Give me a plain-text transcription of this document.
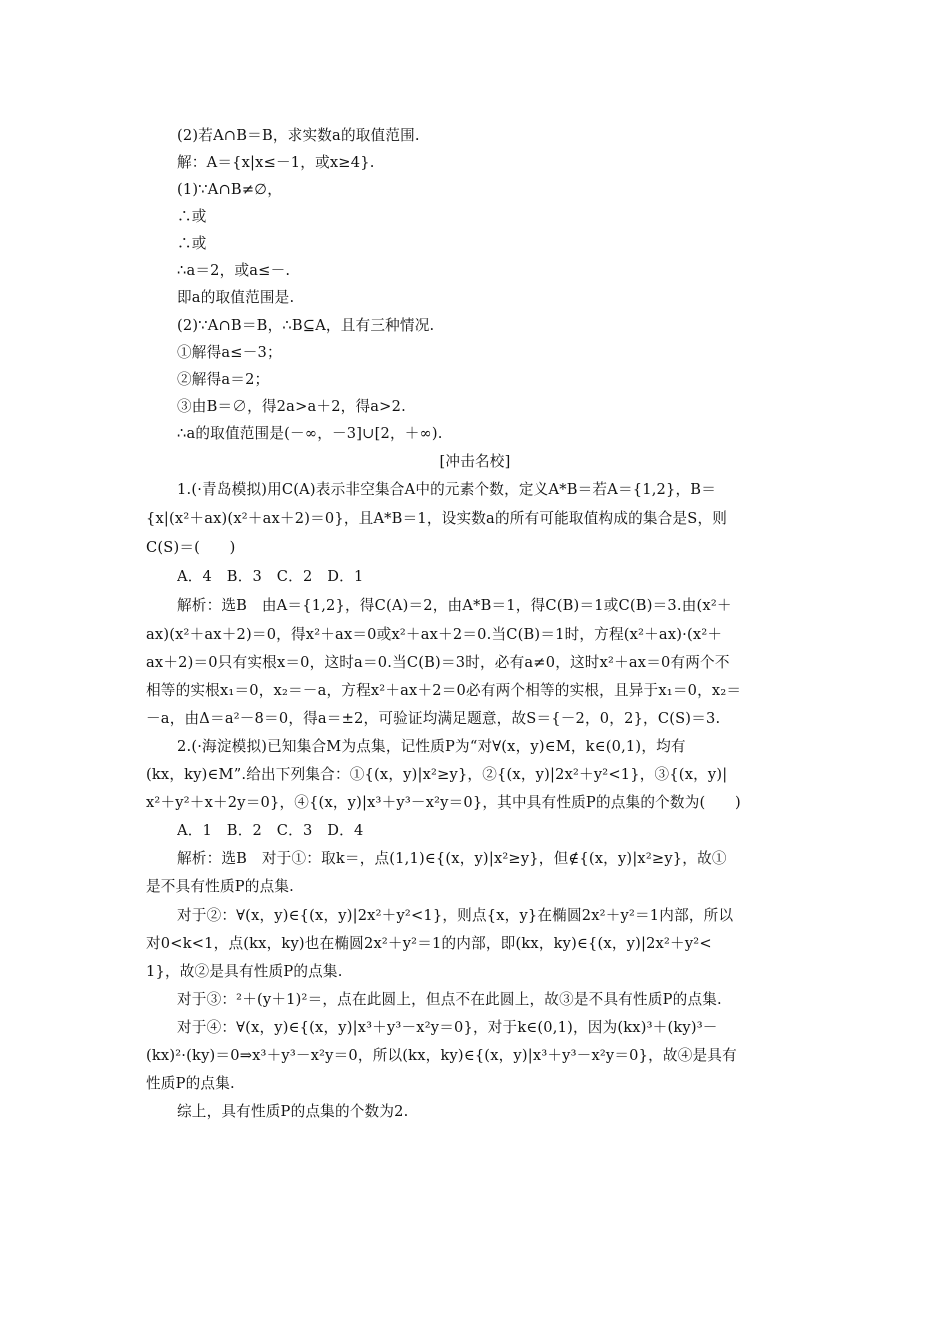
(2)若A∩B＝B，求实数a的取值范围.
解：A＝{x|x≤－1，或x≥4}.
(1)∵A∩B≠∅，
∴或
∴或
∴a＝2，或a≤－.
即a的取值范围是.
(2)∵A∩B＝B，∴B⊆A，且有三种情况.
①解得a≤－3；
②解得a＝2；
③由B＝∅，得2a>a＋2，得a>2.
∴a的取值范围是(－∞，－3]∪[2，＋∞).
[冲击名校]
1.(·青岛模拟)用C(A)表示非空集合A中的元素个数，定义A*B＝若A＝{1,2}，B＝
{x|(x²＋ax)(x²＋ax＋2)＝0}，且A*B＝1，设实数a的所有可能取值构成的集合是S，则
C(S)＝(　　)
A．4　B．3　C．2　D．1
解析：选B　由A＝{1,2}，得C(A)＝2，由A*B＝1，得C(B)＝1或C(B)＝3.由(x²＋
ax)(x²＋ax＋2)＝0，得x²＋ax＝0或x²＋ax＋2＝0.当C(B)＝1时，方程(x²＋ax)·(x²＋
ax＋2)＝0只有实根x＝0，这时a＝0.当C(B)＝3时，必有a≠0，这时x²＋ax＝0有两个不
相等的实根x₁＝0，x₂＝－a，方程x²＋ax＋2＝0必有两个相等的实根，且异于x₁＝0，x₂＝
－a，由Δ＝a²－8＝0，得a＝±2，可验证均满足题意，故S＝{－2，0，2}，C(S)＝3.
2.(·海淀模拟)已知集合M为点集，记性质P为“对∀(x，y)∈M，k∈(0,1)，均有
(kx，ky)∈M”.给出下列集合：①{(x，y)|x²≥y}，②{(x，y)|2x²＋y²<1}，③{(x，y)|
x²＋y²＋x＋2y＝0}，④{(x，y)|x³＋y³－x²y＝0}，其中具有性质P的点集的个数为(　　)
A．1　B．2　C．3　D．4
解析：选B　对于①：取k＝，点(1,1)∈{(x，y)|x²≥y}，但∉{(x，y)|x²≥y}，故①
是不具有性质P的点集.
对于②：∀(x，y)∈{(x，y)|2x²＋y²<1}，则点{x，y}在椭圆2x²＋y²＝1内部，所以
对0<k<1，点(kx，ky)也在椭圆2x²＋y²＝1的内部，即(kx，ky)∈{(x，y)|2x²＋y²<
1}，故②是具有性质P的点集.
对于③：²＋(y＋1)²＝，点在此圆上，但点不在此圆上，故③是不具有性质P的点集.
对于④：∀(x，y)∈{(x，y)|x³＋y³－x²y＝0}，对于k∈(0,1)，因为(kx)³＋(ky)³－
(kx)²·(ky)＝0⇒x³＋y³－x²y＝0，所以(kx，ky)∈{(x，y)|x³＋y³－x²y＝0}，故④是具有
性质P的点集.
综上，具有性质P的点集的个数为2.
